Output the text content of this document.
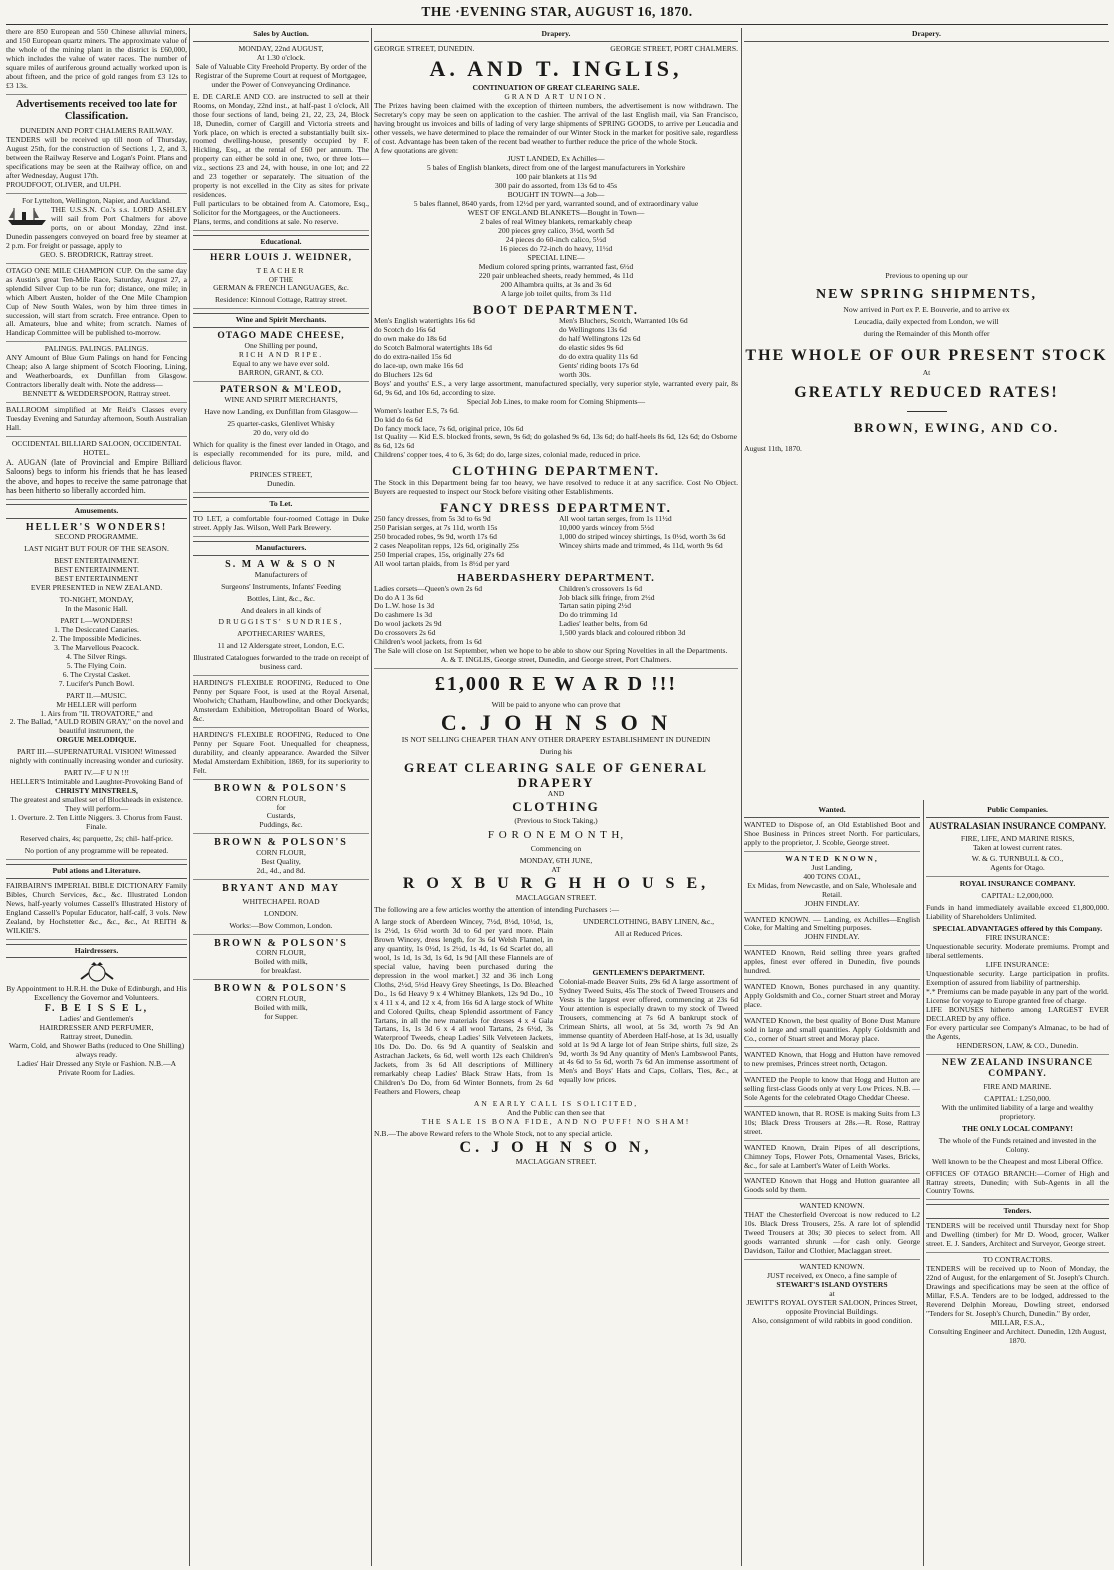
THE ·EVENING STAR, AUGUST 16, 1870.
there are 850 European and 550 Chinese alluvial miners, and 150 European quartz miners. The approximate value of the whole of the mining plant in the district is £60,000, which includes the value of water races. The number of square miles of auriferous ground actually worked upon is about fifteen, and the price of gold ranges from £3 12s to £3 13s.
Advertisements received too late for Classification.
DUNEDIN AND PORT CHALMERS RAILWAY.
TENDERS will be received up till noon of Thursday, August 25th, for the construction of Sections 1, 2, and 3, between the Railway Reserve and Logan's Point. Plans and specifications may be seen at the Railway office, on and after Wednesday, August 17th.
PROUDFOOT, OLIVER, and ULPH.
For Lyttelton, Wellington, Napier, and Auckland.
THE U.S.S.N. Co.'s s.s. LORD ASHLEY will sail from Port Chalmers for above ports, on or about Monday, 22nd inst. Dunedin passengers conveyed on board free by steamer at 2 p.m. For freight or passage, apply to
GEO. S. BRODRICK, Rattray street.
OTAGO ONE MILE CHAMPION CUP. On the same day as Austin's great Ten-Mile Race, Saturday, August 27, a splendid Silver Cup to be run for; distance, one mile; in which Albert Austen, holder of the One Mile Champion Cup of New South Wales, won by him three times in succession, will start from scratch. Free entrance. Open to all. Amateurs, blue and white; from scratch. Names of Handicap Committee will be published to-morrow.
PALINGS. PALINGS. PALINGS.
ANY Amount of Blue Gum Palings on hand for Fencing Cheap; also A large shipment of Scotch Flooring, Lining, and Weatherboards, ex Dunfillan from Glasgow. Contractors liberally dealt with. Note the address—
BENNETT & WEDDERSPOON, Rattray street.
BALLROOM simplified at Mr Reid's Classes every Tuesday Evening and Saturday afternoon, South Australian Hall.
OCCIDENTAL BILLIARD SALOON, OCCIDENTAL HOTEL.
A. AUGAN (late of Provincial and Empire Billiard Saloons) begs to inform his friends that he has leased the above, and hopes to receive the same patronage that has been hitherto so liberally accorded him.
Amusements.
HELLER'S WONDERS!
SECOND PROGRAMME.
LAST NIGHT BUT FOUR OF THE SEASON.
BEST ENTERTAINMENT.
BEST ENTERTAINMENT.
BEST ENTERTAINMENT
EVER PRESENTED in NEW ZEALAND.
TO-NIGHT, MONDAY,
In the Masonic Hall.
PART I.—WONDERS!
1. The Desiccated Canaries.
2. The Impossible Medicines.
3. The Marvellous Peacock.
4. The Silver Rings.
5. The Flying Coin.
6. The Crystal Casket.
7. Lucifer's Punch Bowl.
PART II.—MUSIC.
Mr HELLER will perform
1. Airs from "IL TROVATORE," and
2. The Ballad, "AULD ROBIN GRAY," on the novel and beautiful instrument, the
ORGUE MELODIQUE.
PART III.—SUPERNATURAL VISION! Witnessed nightly with continually increasing wonder and curiosity.
PART IV.—F U N !!!
HELLER'S Intimitable and Laughter-Provoking Band of
CHRISTY MINSTRELS,
The greatest and smallest set of Blockheads in existence. They will perform—
1. Overture. 2. Ten Little Niggers. 3. Chorus from Faust. Finale.
Reserved chairs, 4s; parquette, 2s; chil- half-price.
No portion of any programme will be repeated.
Publ ations and Literature.
FAIRBAIRN'S IMPERIAL BIBLE DICTIONARY Family Bibles, Church Services, &c., &c. Illustrated London News, half-yearly volumes Cassell's Illustrated History of England Cassell's Popular Educator, half-calf, 3 vols. New Zealand, by Hochstetter &c., &c., &c., At REITH & WILKIE'S.
Hairdressers.
By Appointment to H.R.H. the Duke of Edinburgh, and His Excellency the Governor and Volunteers.
F. B E I S S E L,
Ladies' and Gentlemen's
HAIRDRESSER AND PERFUMER,
Rattray street, Dunedin.
Warm, Cold, and Shower Baths (reduced to One Shilling) always ready.
Ladies' Hair Dressed any Style or Fashion. N.B.—A Private Room for Ladies.
Sales by Auction.
MONDAY, 22nd AUGUST,
At 1.30 o'clock.
Sale of Valuable City Freehold Property. By order of the Registrar of the Supreme Court at request of Mortgagee, under the Power of Conveyancing Ordinance.
E. DE CARLE AND CO. are instructed to sell at their Rooms, on Monday, 22nd inst., at half-past 1 o'clock, All those four sections of land, being 21, 22, 23, 24, Block 18, Dunedin, corner of Cargill and Victoria streets and York place, on which is erected a substantially built six-roomed dwelling-house, presently occupied by F. Hickling, Esq., at the rental of £60 per annum. The property can either be sold in one, two, or three lots—viz., sections 23 and 24, with house, in one lot; and 22 and 23 together or separately. The situation of the property is not excelled in the City as sites for private residences.
Full particulars to be obtained from A. Catomore, Esq., Solicitor for the Mortgagees, or the Auctioneers.
Plans, terms, and conditions at sale. No reserve.
Educational.
HERR LOUIS J. WEIDNER,
TEACHER
OF THE
GERMAN & FRENCH LANGUAGES, &c.
Residence: Kinnoul Cottage, Rattray street.
Wine and Spirit Merchants.
OTAGO MADE CHEESE,
One Shilling per pound,
RICH AND RIPE.
Equal to any we have ever sold.
BARRON, GRANT, & CO.
PATERSON & M'LEOD,
WINE AND SPIRIT MERCHANTS,
Have now Landing, ex Dunfillan from Glasgow—
25 quarter-casks, Glenlivet Whisky
20 do, very old do
Which for quality is the finest ever landed in Otago, and is especially recommended for its pure, mild, and delicious flavor.
PRINCES STREET,
Dunedin.
To Let.
TO LET, a comfortable four-roomed Cottage in Duke street. Apply Jas. Wilson, Well Park Brewery.
Manufacturers.
S. M A W & S O N
Manufacturers of
Surgeons' Instruments, Infants' Feeding
Bottles, Lint, &c., &c.
And dealers in all kinds of
DRUGGISTS' SUNDRIES,
APOTHECARIES' WARES,
11 and 12 Aldersgate street, London, E.C.
Illustrated Catalogues forwarded to the trade on receipt of business card.
HARDING'S FLEXIBLE ROOFING, Reduced to One Penny per Square Foot, is used at the Royal Arsenal, Woolwich; Chatham, Haulbowline, and other Dockyards; Amsterdam Exhibition, Metropolitan Board of Works, &c.
HARDING'S FLEXIBLE ROOFING, Reduced to One Penny per Square Foot. Unequalled for cheapness, durability, and cleanly appearance. Awarded the Silver Medal Amsterdam Exhibition, 1869, for its superiority to Felt.
BROWN & POLSON'S
CORN FLOUR,
for
Custards,
Puddings, &c.
BROWN & POLSON'S
CORN FLOUR,
Best Quality,
2d., 4d., and 8d.
BRYANT AND MAY
WHITECHAPEL ROAD
LONDON.
Works:—Bow Common, London.
BROWN & POLSON'S
CORN FLOUR,
Boiled with milk,
for breakfast.
BROWN & POLSON'S
CORN FLOUR,
Boiled with milk,
for Supper.
Drapery.
GEORGE STREET, DUNEDIN.	GEORGE STREET, PORT CHALMERS.
A. AND T. INGLIS,
CONTINUATION OF GREAT CLEARING SALE.
GRAND ART UNION.
The Prizes having been claimed with the exception of thirteen numbers, the advertisement is now withdrawn. The Secretary's copy may be seen on application to the cashier. The arrival of the last English mail, via San Francisco, having brought us invoices and bills of lading of very large shipments of SPRING GOODS, to arrive per Leucadia and other vessels, we have determined to place the remainder of our Winter Stock in the market for positive sale, regardless of cost. Advantage has been taken of the recent bad weather to further reduce the price of the whole Stock.
A few quotations are given:
JUST LANDED, Ex Achilles—
5 bales of English blankets, direct from one of the largest manufacturers in Yorkshire
100 pair blankets at 11s 9d
300 pair do assorted, from 13s 6d to 45s
BOUGHT IN TOWN—a Job—
5 bales flannel, 8640 yards, from 12½d per yard, warranted sound, and of extraordinary value
WEST OF ENGLAND BLANKETS—Bought in Town—
2 bales of real Witney blankets, remarkably cheap
200 pieces grey calico, 3½d, worth 5d
24 pieces do 60-inch calico, 5½d
16 pieces do 72-inch do heavy, 11½d
SPECIAL LINE—
Medium colored spring prints, warranted fast, 6½d
220 pair unbleached sheets, ready hemmed, 4s 11d
200 Alhambra quilts, at 3s and 3s 6d
A large job toilet quilts, from 3s 11d
BOOT DEPARTMENT.
Men's English watertights 16s 6d
do Scotch do 16s 6d
do own make do 18s 6d
do Scotch Balmoral watertights 18s 6d
do do extra-nailed 15s 6d
do lace-up, own make 16s 6d
do Bluchers 12s 6d
Men's Bluchers, Scotch, Warranted 10s 6d
do Wellingtons 13s 6d
do half Wellingtons 12s 6d
do elastic sides 9s 6d
do do extra quality 11s 6d
Gents' riding boots 17s 6d
worth 30s.
Boys' and youths' E.S., a very large assortment, manufactured specially, very superior style, warranted every pair, 8s 6d, 9s 6d, and 10s 6d, according to size.
Special Job Lines, to make room for Coming Shipments—
Women's leather E.S, 7s 6d.
Do kid do 6s 6d
Do fancy mock lace, 7s 6d, original price, 10s 6d
1st Quality — Kid E.S. blocked fronts, sewn, 9s 6d; do golashed 9s 6d, 13s 6d; do half-heels 8s 6d, 12s 6d; do Osborne 8s 6d, 12s 6d
Childrens' copper toes, 4 to 6, 3s 6d; do do, large sizes, colonial made, reduced in price.
CLOTHING DEPARTMENT.
The Stock in this Department being far too heavy, we have resolved to reduce it at any sacrifice. Cost No Object. Buyers are requested to inspect our Stock before visiting other Establishments.
FANCY DRESS DEPARTMENT.
250 fancy dresses, from 5s 3d to 6s 9d
250 Parisian serges, at 7s 11d, worth 15s
250 brocaded robes, 9s 9d, worth 17s 6d
2 cases Neapolitan repps, 12s 6d, originally 25s
250 Imperial crapes, 15s, originally 27s 6d
All wool tartan plaids, from 1s 8½d per yard
All wool tartan serges, from 1s 11½d
10,000 yards wincey from 5½d
1,000 do striped wincey shirtings, 1s 0½d, worth 3s 6d
Wincey shirts made and trimmed, 4s 11d, worth 9s 6d
HABERDASHERY DEPARTMENT.
Ladies corsets—Queen's own 2s 6d
Do do A 1 3s 6d
Do L.W. hose 1s 3d
Do cashmere 1s 3d
Do wool jackets 2s 9d
Do crossovers 2s 6d
Children's wool jackets, from 1s 6d
Children's crossovers 1s 6d
Job black silk fringe, from 2½d
Tartan satin piping 2½d
Do do trimming 1d
Ladies' leather belts, from 6d
1,500 yards black and coloured ribbon 3d
The Sale will close on 1st September, when we hope to be able to show our Spring Novelties in all the Departments.
A. & T. INGLIS, George street, Dunedin, and George street, Port Chalmers.
£1,000 R E W A R D !!!
Will be paid to anyone who can prove that
C. J O H N S O N
IS NOT SELLING CHEAPER THAN ANY OTHER DRAPERY ESTABLISHMENT IN DUNEDIN
During his
GREAT CLEARING SALE OF GENERAL DRAPERY
AND
CLOTHING
(Previous to Stock Taking,)
F O R O N E M O N T H,
Commencing on
MONDAY, 6TH JUNE,
AT
R O X B U R G H H O U S E,
MACLAGGAN STREET.
The following are a few articles worthy the attention of intending Purchasers :—
A large stock of Aberdeen Wincey, 7½d, 8½d, 10½d, 1s, 1s 2½d, 1s 6½d worth 3d to 6d per yard more. Plain Brown Wincey, dress length, for 3s 6d Welsh Flannel, in any quantity, 1s 0½d, 1s 2½d, 1s 4d, 1s 6d Scarlet do, all wool, 1s 1d, 1s 3d, 1s 6d, 1s 9d [All these Flannels are of special value, having been purchased during the depression in the wool market.] 32 and 36 inch Long Cloths, 2½d, 5½d Heavy Grey Sheetings, 1s Do. Bleached Do., 1s 6d Heavy 9 x 4 Whitney Blankets, 12s 9d Do., 10 x 4 11 x 4, and 12 x 4, from 16s 6d A large stock of White and Colored Quilts, cheap Splendid assortment of Fancy Tartans, in all the new materials for dresses 4 x 4 Gala Tartans, 1s, 1s 3d 6 x 4 all wool Tartans, 2s 6½d, 3s Waterproof Tweeds, cheap Ladies' Silk Velveteen Jackets, 10s Do. Do. Do. 6s 9d A quantity of Sealskin and Astrachan Jackets, 6s 6d, well worth 12s each Children's Jackets, from 3s 6d All descriptions of Millinery remarkably cheap Ladies' Black Straw Hats, from 1s Children's Do Do, from 6d Winter Bonnets, from 2s 6d Feathers and Flowers, cheap
UNDERCLOTHING, BABY LINEN, &c.,
All at Reduced Prices.
GENTLEMEN'S DEPARTMENT.
Colonial-made Beaver Suits, 29s 6d A large assortment of Sydney Tweed Suits, 45s The stock of Tweed Trousers and Vests is the largest ever offered, commencing at 23s 6d Your attention is especially drawn to my stock of Tweed Trousers, commencing at 7s 6d A bankrupt stock of Crimean Shirts, all wool, at 5s 3d, worth 7s 9d An immense quantity of Aberdeen Half-hose, at 1s 3d, usually sold at 1s 9d A large lot of Jean Stripe shirts, full size, 2s 9d, worth 3s 9d Any quantity of Men's Lambswool Pants, at 4s 6d to 5s 6d, worth 7s 6d An immense assortment of Men's and Boys' Hats and Caps, Collars, Ties, &c., at equally low prices.
AN EARLY CALL IS SOLICITED,
And the Public can then see that
THE SALE IS BONA FIDE, AND NO PUFF! NO SHAM!
N.B.—The above Reward refers to the Whole Stock, not to any special article.
C. J O H N S O N,
MACLAGGAN STREET.
Drapery.
Previous to opening up our
NEW SPRING SHIPMENTS,
Now arrived in Port ex P. E. Bouverie, and to arrive ex
Leucadia, daily expected from London, we will
during the Remainder of this Month offer
THE WHOLE OF OUR PRESENT STOCK
At
GREATLY REDUCED RATES!
BROWN, EWING, AND CO.
August 11th, 1870.
Wanted.
WANTED to Dispose of, an Old Established Boot and Shoe Business in Princes street North. For particulars, apply to the proprietor, J. Scoble, George street.
WANTED KNOWN,
Just Landing,
400 TONS COAL,
Ex Midas, from Newcastle, and on Sale, Wholesale and Retail.
JOHN FINDLAY.
WANTED KNOWN. — Landing, ex Achilles—English Coke, for Malting and Smelting purposes.
JOHN FINDLAY.
WANTED Known, Reid selling three years grafted apples, finest ever offered in Dunedin, five pounds hundred.
WANTED Known, Bones purchased in any quantity. Apply Goldsmith and Co., corner Stuart street and Moray place.
WANTED Known, the best quality of Bone Dust Manure sold in large and small quantities. Apply Goldsmith and Co., corner of Stuart street and Moray place.
WANTED Known, that Hogg and Hutton have removed to new premises, Princes street north, Octagon.
WANTED the People to know that Hogg and Hutton are selling first-class Goods only at very Low Prices. N.B. —Sole Agents for the celebrated Otago Cheddar Cheese.
WANTED known, that R. ROSE is making Suits from L3 10s; Black Dress Trousers at 28s.—R. Rose, Rattray street.
WANTED Known, Drain Pipes of all descriptions, Chimney Tops, Flower Pots, Ornamental Vases, Bricks, &c., for sale at Lambert's Water of Leith Works.
WANTED Known that Hogg and Hutton guarantee all Goods sold by them.
WANTED KNOWN.
THAT the Chesterfield Overcoat is now reduced to L2 10s. Black Dress Trousers, 25s. A rare lot of splendid Tweed Trousers at 30s; 30 pieces to select from. All goods warranted shrunk —for cash only. George Davidson, Tailor and Clothier, Maclaggan street.
WANTED KNOWN.
JUST received, ex Oneco, a fine sample of
STEWART'S ISLAND OYSTERS
at
JEWITT'S ROYAL OYSTER SALOON, Princes Street, opposite Provincial Buildings.
Also, consignment of wild rabbits in good condition.
Public Companies.
AUSTRALASIAN INSURANCE COMPANY.
FIRE, LIFE, AND MARINE RISKS,
Taken at lowest current rates.
W. & G. TURNBULL & CO.,
Agents for Otago.
ROYAL INSURANCE COMPANY.
CAPITAL: L2,000,000.
Funds in hand immediately available exceed £1,800,000. Liability of Shareholders Unlimited.
SPECIAL ADVANTAGES offered by this Company.
FIRE INSURANCE:
Unquestionable security. Moderate premiums. Prompt and liberal settlements.
LIFE INSURANCE:
Unquestionable security. Large participation in profits. Exemption of assured from liability of partnership.
*.* Premiums can be made payable in any part of the world.
License for voyage to Europe granted free of charge.
LIFE BONUSES hitherto among LARGEST EVER DECLARED by any office.
For every particular see Company's Almanac, to be had of the Agents,
HENDERSON, LAW, & CO., Dunedin.
NEW ZEALAND INSURANCE COMPANY.
FIRE AND MARINE.
CAPITAL: L250,000.
With the unlimited liability of a large and wealthy proprietory.
THE ONLY LOCAL COMPANY!
The whole of the Funds retained and invested in the Colony.
Well known to be the Cheapest and most Liberal Office.
OFFICES OF OTAGO BRANCH:—Corner of High and Rattray streets, Dunedin; with Sub-Agents in all the Country Towns.
Tenders.
TENDERS will be received until Thursday next for Shop and Dwelling (timber) for Mr D. Wood, grocer, Walker street. E. J. Sanders, Architect and Surveyor, George street.
TO CONTRACTORS.
TENDERS will be received up to Noon of Monday, the 22nd of August, for the enlargement of St. Joseph's Church. Drawings and specifications may be seen at the office of Millar, F.S.A. Tenders are to be lodged, addressed to the Reverend Delphin Moreau, Dowling street, endorsed "Tenders for St. Joseph's Church, Dunedin." By order,
MILLAR, F.S.A.,
Consulting Engineer and Architect. Dunedin, 12th August, 1870.
